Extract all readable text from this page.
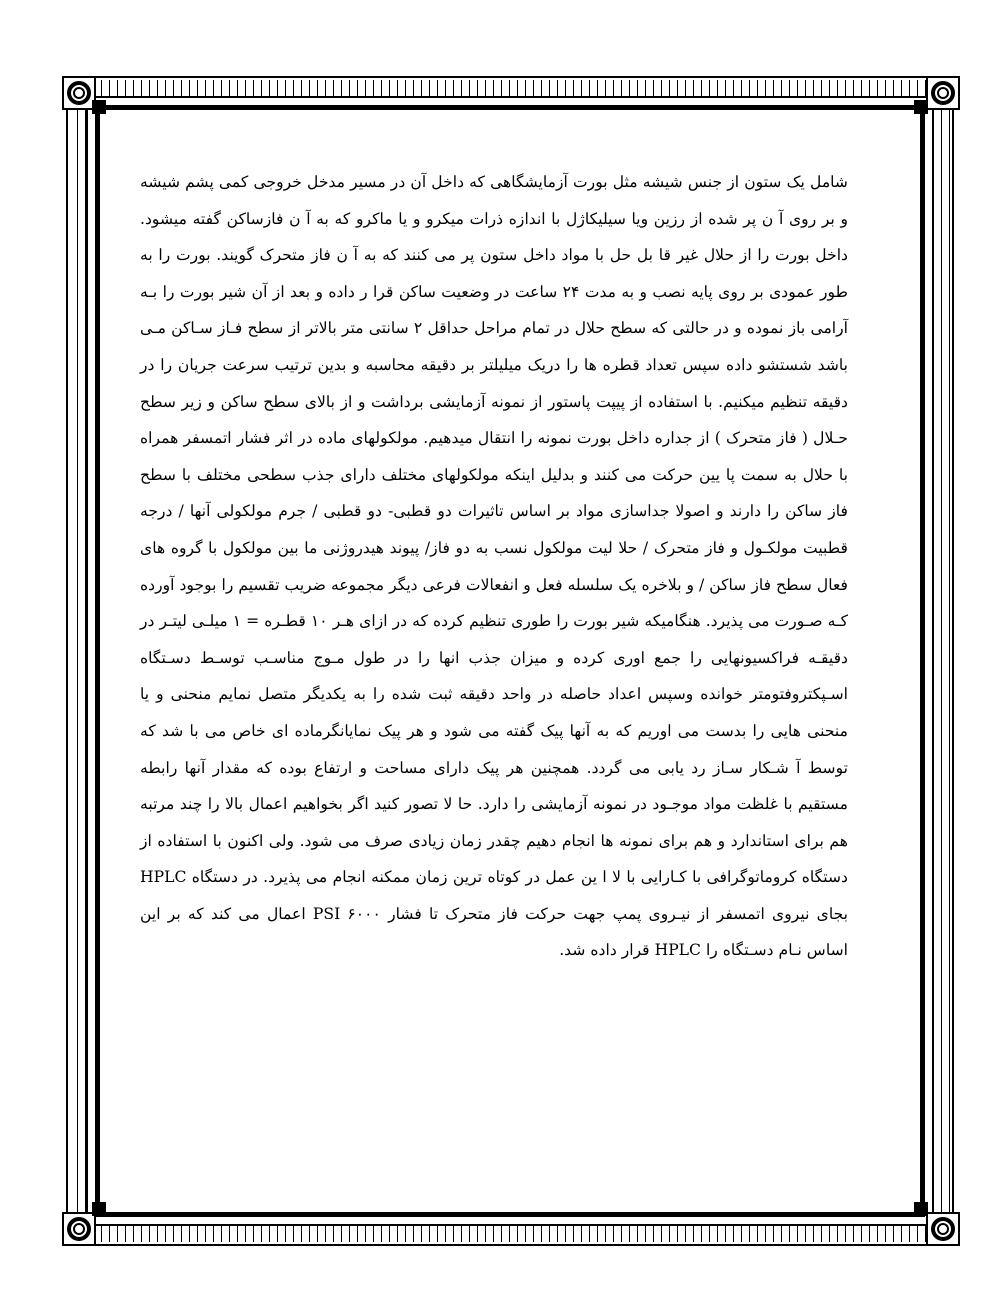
شامل یک ستون از جنس شیشه مثل بورت آزمایشگاهی که داخل آن در مسیر مدخل خروجی کمی پشم شیشه و بر روی آ ن پر شده از رزین ویا سیلیکاژل با اندازه ذرات میکرو و یا ماکرو که به آ ن فازساکن گفته میشود. داخل بورت را از حلال غیر قا بل حل با مواد داخل ستون پر می کنند که به آ ن فاز متحرک گویند. بورت را به طور عمودی بر روی پایه نصب و به مدت ۲۴ ساعت در وضعیت ساکن قرا ر داده و بعد از آن شیر بورت را بـه آرامی باز نموده و در حالتی که سطح حلال در تمام مراحل حداقل ۲ سانتی متر بالاتر از سطح فـاز سـاکن مـی باشد شستشو داده سپس تعداد قطره ها را دریک میلیلتر بر دقیقه محاسبه و بدین ترتیب سرعت جریان را در دقیقه تنظیم میکنیم. با استفاده از پیپت پاستور از نمونه آزمایشی برداشت و از بالای سطح ساکن و زیر سطح حـلال ( فاز متحرک ) از جداره داخل بورت نمونه را انتقال میدهیم. مولکولهای ماده در اثر فشار اتمسفر همراه با حلال به سمت پا یین حرکت می کنند و بدلیل اینکه مولکولهای مختلف دارای جذب سطحی مختلف با سطح فاز ساکن را دارند و اصولا جداسازی مواد بر اساس تاثیرات دو قطبی- دو قطبی / جرم مولکولی آنها / درجه قطبیت مولکـول و فاز متحرک / حلا لیت مولکول نسب به دو فاز/ پیوند هیدروژنی ما بین مولکول با گروه های فعال سطح فاز ساکن / و بلاخره یک سلسله فعل و انفعالات فرعی دیگر مجموعه ضریب تقسیم را بوجود آورده کـه صـورت می پذیرد. هنگامیکه شیر بورت را طوری تنظیم کرده که در ازای هـر ۱۰ قطـره = ۱ میلـی لیتـر در دقیقـه فراکسیونهایی را جمع اوری کرده و میزان جذب انها را در طول مـوج مناسـب توسـط دسـتگاه اسـپکتروفتومتر خوانده وسپس اعداد حاصله در واحد دقیقه ثبت شده را به یکدیگر متصل نمایم منحنی و یا منحنی هایی را بدست می اوریم که به آنها پیک گفته می شود و هر پیک نمایانگرماده ای خاص می با شد که توسط آ شـکار سـاز رد یابی می گردد. همچنین هر پیک دارای مساحت و ارتفاع بوده که مقدار آنها رابطه مستقیم با غلظت مواد موجـود در نمونه آزمایشی را دارد. حا لا تصور کنید اگر بخواهیم اعمال بالا را چند مرتبه هم برای استاندارد و هم برای نمونه ها انجام دهیم چقدر زمان زیادی صرف می شود. ولی اکنون با استفاده از دستگاه کروماتوگرافی با کـارایی با لا ا ین عمل در کوتاه ترین زمان ممکنه انجام می پذیرد. در دستگاه HPLC بجای نیروی اتمسفر از نیـروی پمپ جهت حرکت فاز متحرک تا فشار PSI ۶۰۰۰ اعمال می کند که بر این اساس نـام دسـتگاه را HPLC قرار داده شد.
